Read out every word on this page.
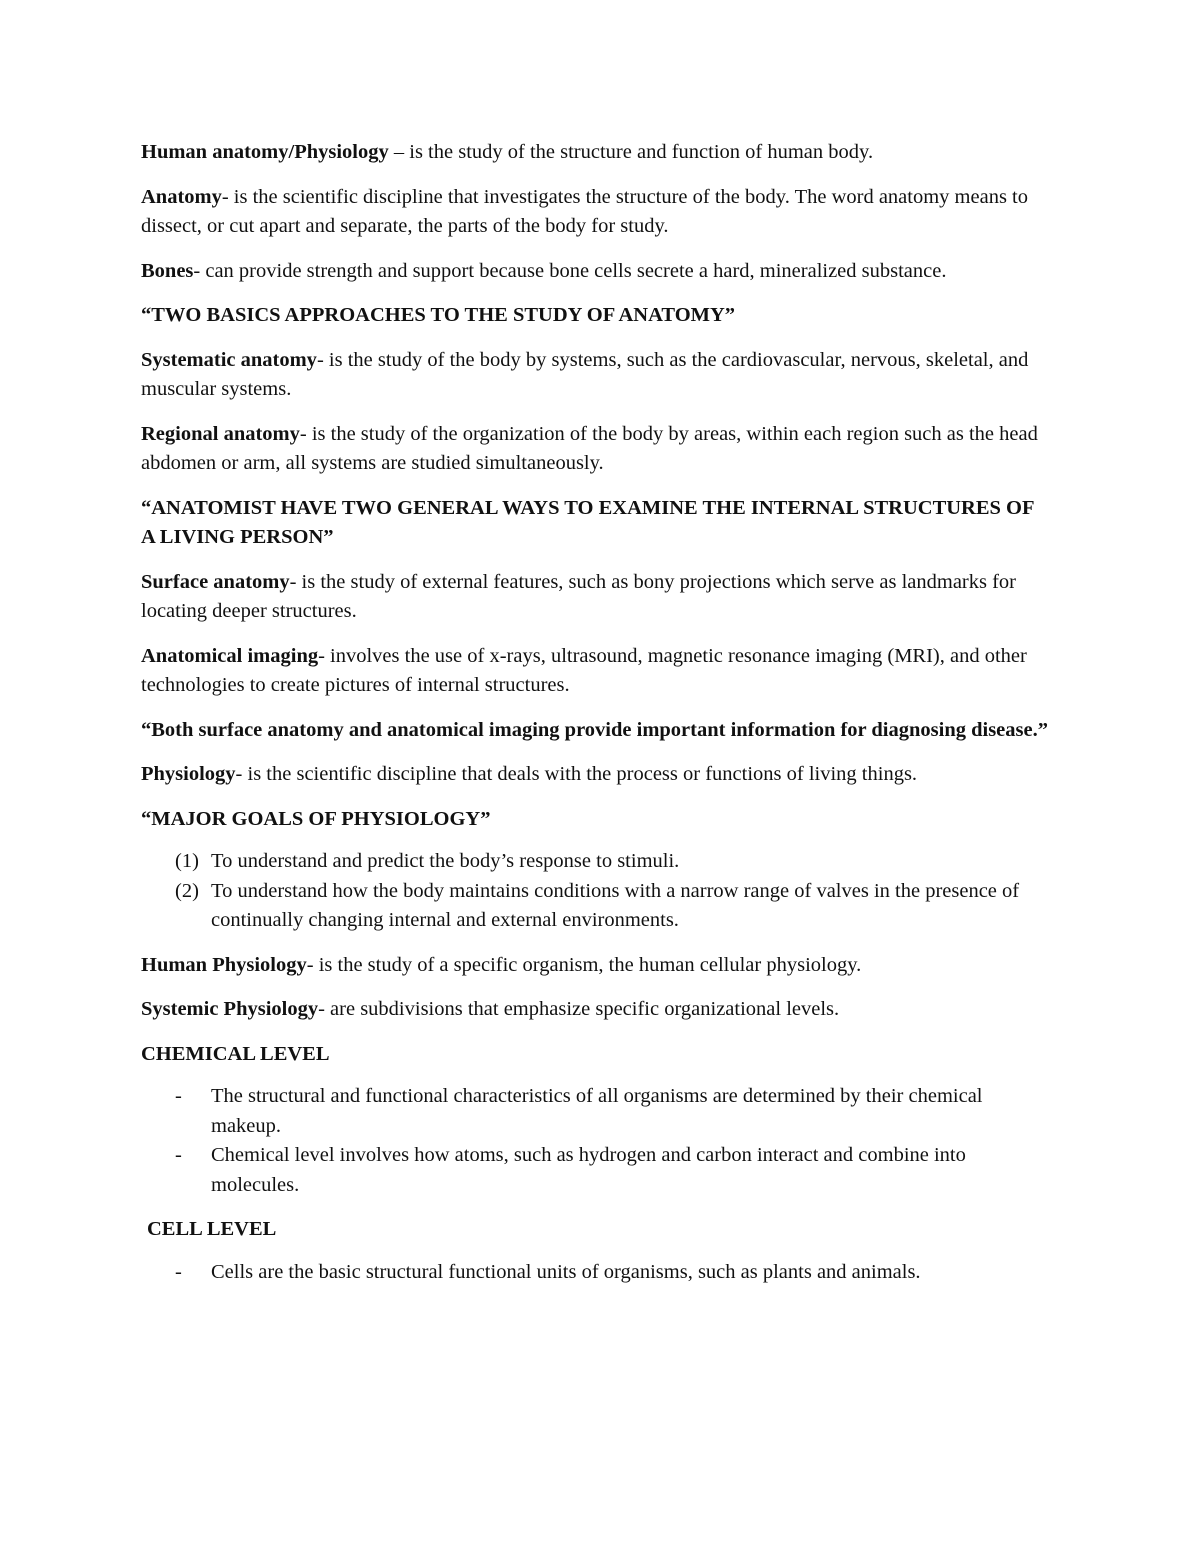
Human anatomy/Physiology – is the study of the structure and function of human body.

Anatomy- is the scientific discipline that investigates the structure of the body. The word anatomy means to dissect, or cut apart and separate, the parts of the body for study.

Bones- can provide strength and support because bone cells secrete a hard, mineralized substance.

“TWO BASICS APPROACHES TO THE STUDY OF ANATOMY”

Systematic anatomy- is the study of the body by systems, such as the cardiovascular, nervous, skeletal, and muscular systems.

Regional anatomy- is the study of the organization of the body by areas, within each region such as the head abdomen or arm, all systems are studied simultaneously.

“ANATOMIST HAVE TWO GENERAL WAYS TO EXAMINE THE INTERNAL STRUCTURES OF A LIVING PERSON”

Surface anatomy- is the study of external features, such as bony projections which serve as landmarks for locating deeper structures.

Anatomical imaging- involves the use of x-rays, ultrasound, magnetic resonance imaging (MRI), and other technologies to create pictures of internal structures.

“Both surface anatomy and anatomical imaging provide important information for diagnosing disease.”

Physiology- is the scientific discipline that deals with the process or functions of living things.

“MAJOR GOALS OF PHYSIOLOGY”

(1) To understand and predict the body’s response to stimuli.
(2) To understand how the body maintains conditions with a narrow range of valves in the presence of continually changing internal and external environments.

Human Physiology- is the study of a specific organism, the human cellular physiology.

Systemic Physiology- are subdivisions that emphasize specific organizational levels.

CHEMICAL LEVEL

- The structural and functional characteristics of all organisms are determined by their chemical makeup.
- Chemical level involves how atoms, such as hydrogen and carbon interact and combine into molecules.

CELL LEVEL

- Cells are the basic structural functional units of organisms, such as plants and animals.
